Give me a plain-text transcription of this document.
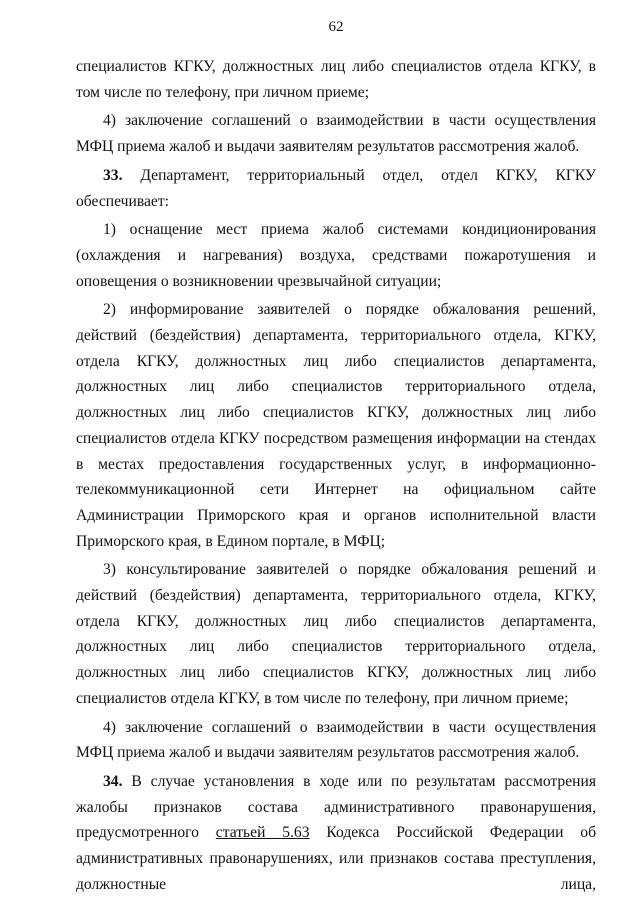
62

специалистов КГКУ, должностных лиц либо специалистов отдела КГКУ, в том числе по телефону, при личном приеме;

4) заключение соглашений о взаимодействии в части осуществления МФЦ приема жалоб и выдачи заявителям результатов рассмотрения жалоб.

33. Департамент, территориальный отдел, отдел КГКУ, КГКУ обеспечивает:

1) оснащение мест приема жалоб системами кондиционирования (охлаждения и нагревания) воздуха, средствами пожаротушения и оповещения о возникновении чрезвычайной ситуации;

2) информирование заявителей о порядке обжалования решений, действий (бездействия) департамента, территориального отдела, КГКУ, отдела КГКУ, должностных лиц либо специалистов департамента, должностных лиц либо специалистов территориального отдела, должностных лиц либо специалистов КГКУ, должностных лиц либо специалистов отдела КГКУ посредством размещения информации на стендах в местах предоставления государственных услуг, в информационно-телекоммуникационной сети Интернет на официальном сайте Администрации Приморского края и органов исполнительной власти Приморского края, в Едином портале, в МФЦ;

3) консультирование заявителей о порядке обжалования решений и действий (бездействия) департамента, территориального отдела, КГКУ, отдела КГКУ, должностных лиц либо специалистов департамента, должностных лиц либо специалистов территориального отдела, должностных лиц либо специалистов КГКУ, должностных лиц либо специалистов отдела КГКУ, в том числе по телефону, при личном приеме;

4) заключение соглашений о взаимодействии в части осуществления МФЦ приема жалоб и выдачи заявителям результатов рассмотрения жалоб.

34. В случае установления в ходе или по результатам рассмотрения жалобы признаков состава административного правонарушения, предусмотренного статьей 5.63 Кодекса Российской Федерации об административных правонарушениях, или признаков состава преступления, должностные лица,
